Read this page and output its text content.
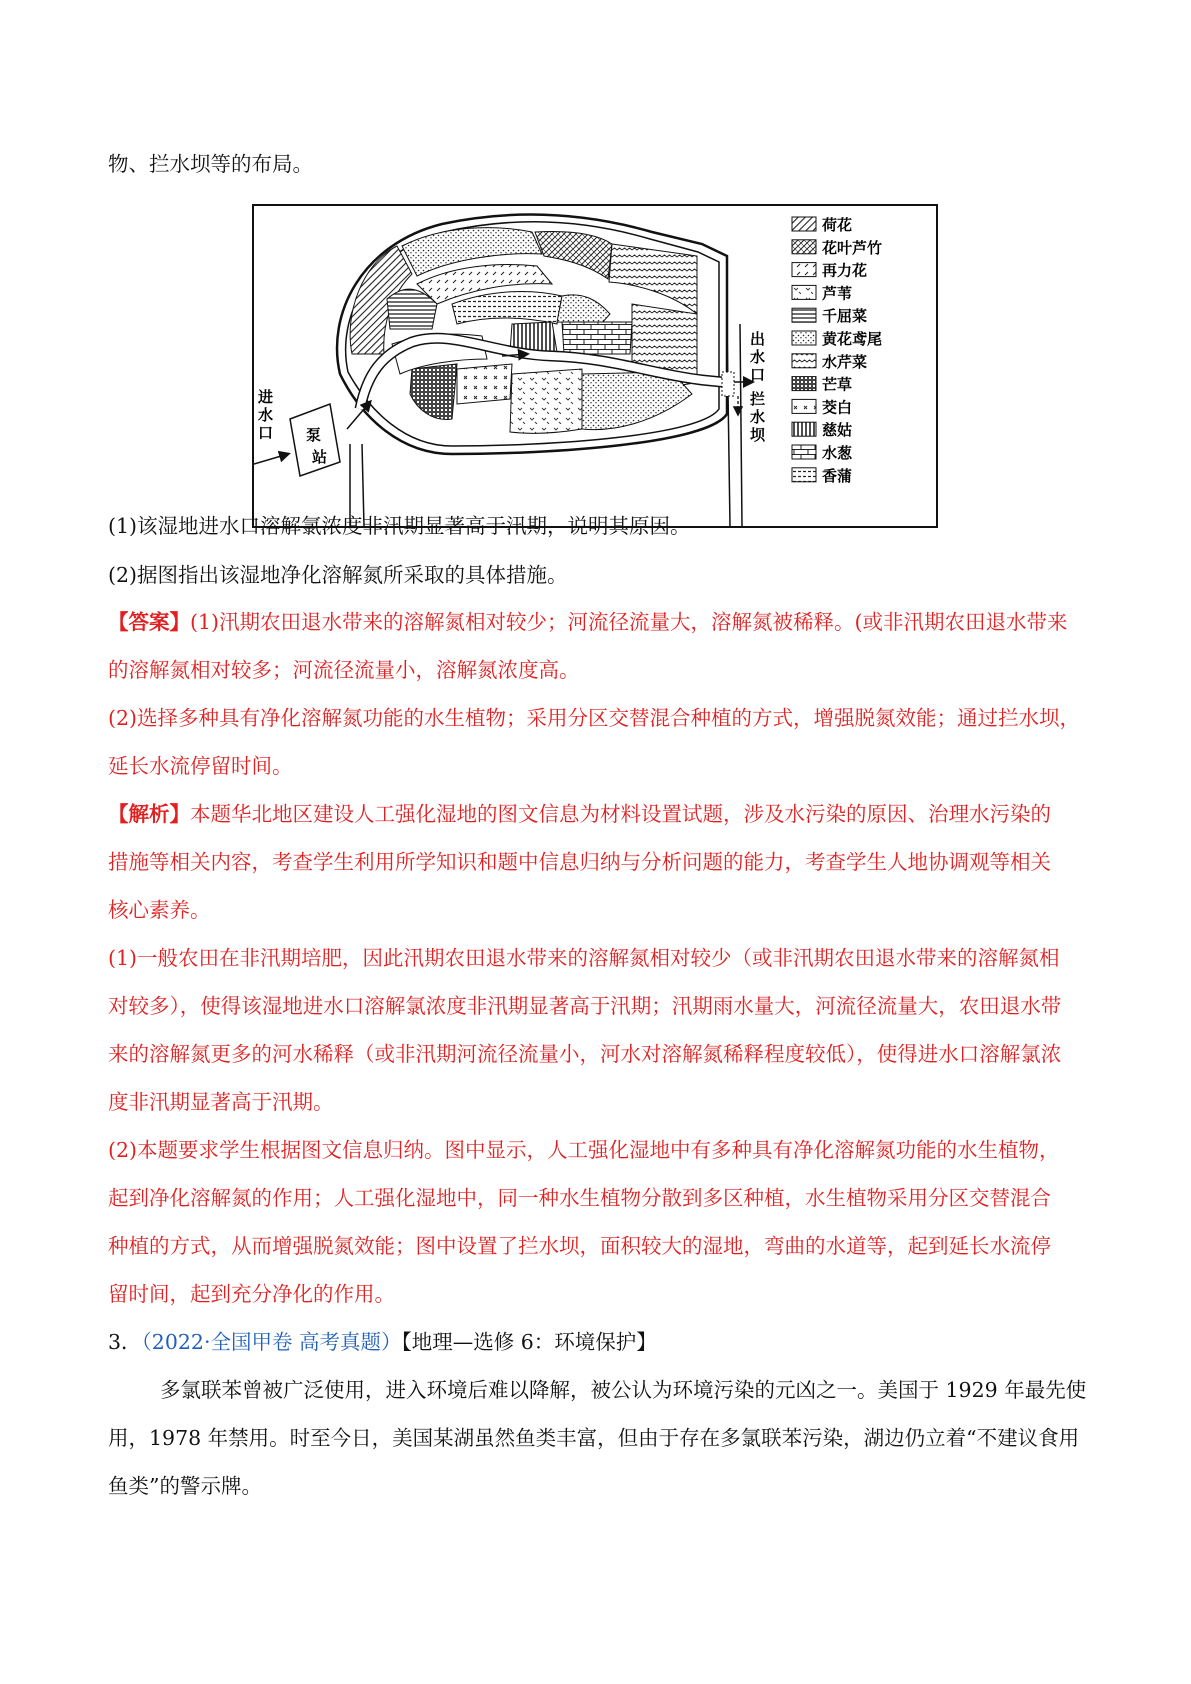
物、拦水坝等的布局。
泵
站
进
水
口
出
水
口
拦
水
坝
荷花
花叶芦竹
再力花
芦苇
千屈菜
黄花鸢尾
水芹菜
芒草
茭白
慈姑
水葱
香蒲
(1)该湿地进水口溶解氯浓度非汛期显著高于汛期，说明其原因。
(2)据图指出该湿地净化溶解氮所采取的具体措施。
【答案】(1)汛期农田退水带来的溶解氮相对较少；河流径流量大，溶解氮被稀释。(或非汛期农田退水带来
的溶解氮相对较多；河流径流量小，溶解氮浓度高。
(2)选择多种具有净化溶解氮功能的水生植物；采用分区交替混合种植的方式，增强脱氮效能；通过拦水坝，
延长水流停留时间。
【解析】本题华北地区建设人工强化湿地的图文信息为材料设置试题，涉及水污染的原因、治理水污染的
措施等相关内容，考查学生利用所学知识和题中信息归纳与分析问题的能力，考查学生人地协调观等相关
核心素养。
(1)一般农田在非汛期培肥，因此汛期农田退水带来的溶解氮相对较少（或非汛期农田退水带来的溶解氮相
对较多），使得该湿地进水口溶解氯浓度非汛期显著高于汛期；汛期雨水量大，河流径流量大，农田退水带
来的溶解氮更多的河水稀释（或非汛期河流径流量小，河水对溶解氮稀释程度较低），使得进水口溶解氯浓
度非汛期显著高于汛期。
(2)本题要求学生根据图文信息归纳。图中显示，人工强化湿地中有多种具有净化溶解氮功能的水生植物，
起到净化溶解氮的作用；人工强化湿地中，同一种水生植物分散到多区种植，水生植物采用分区交替混合
种植的方式，从而增强脱氮效能；图中设置了拦水坝，面积较大的湿地，弯曲的水道等，起到延长水流停
留时间，起到充分净化的作用。
3．（2022·全国甲卷 高考真题）【地理—选修 6：环境保护】
多氯联苯曾被广泛使用，进入环境后难以降解，被公认为环境污染的元凶之一。美国于 1929 年最先使
用，1978 年禁用。时至今日，美国某湖虽然鱼类丰富，但由于存在多氯联苯污染，湖边仍立着“不建议食用
鱼类”的警示牌。
